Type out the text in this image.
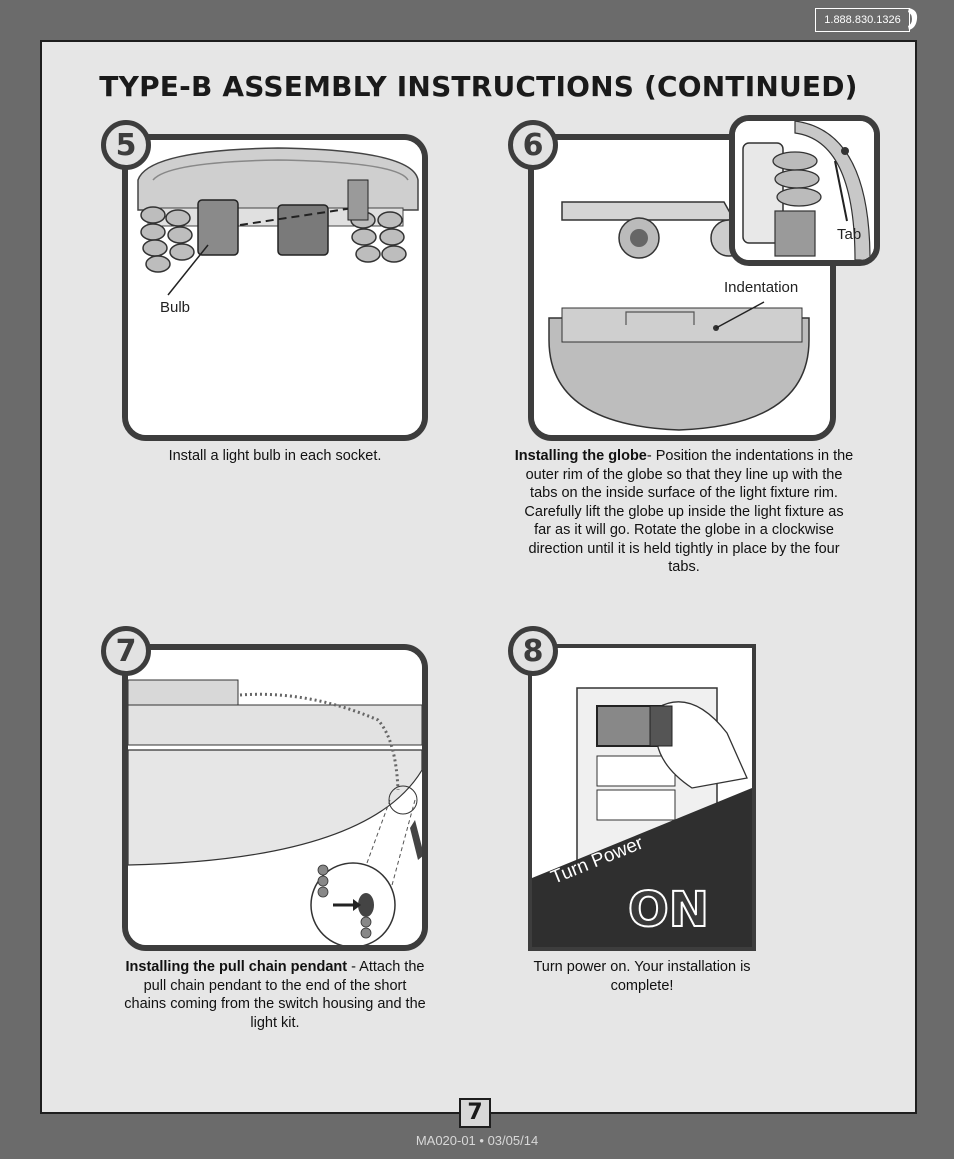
1.888.830.1326
TYPE-B ASSEMBLY INSTRUCTIONS (CONTINUED)
5
Bulb
Install a light bulb in each socket.
6
Indentation
Tab
Installing the globe- Position the indentations in the outer rim of the globe so that they line up with the tabs on the inside surface of the light fixture rim. Carefully lift the globe up inside the light fixture as far as it will go. Rotate the globe in a clockwise direction until it is held tightly in place by the four tabs.
7
Installing the pull chain pendant - Attach the pull chain pendant to the end of the short chains coming from the switch housing and the light kit.
8
Turn Power
ON
Turn power on. Your installation is complete!
7
MA020-01 • 03/05/14
